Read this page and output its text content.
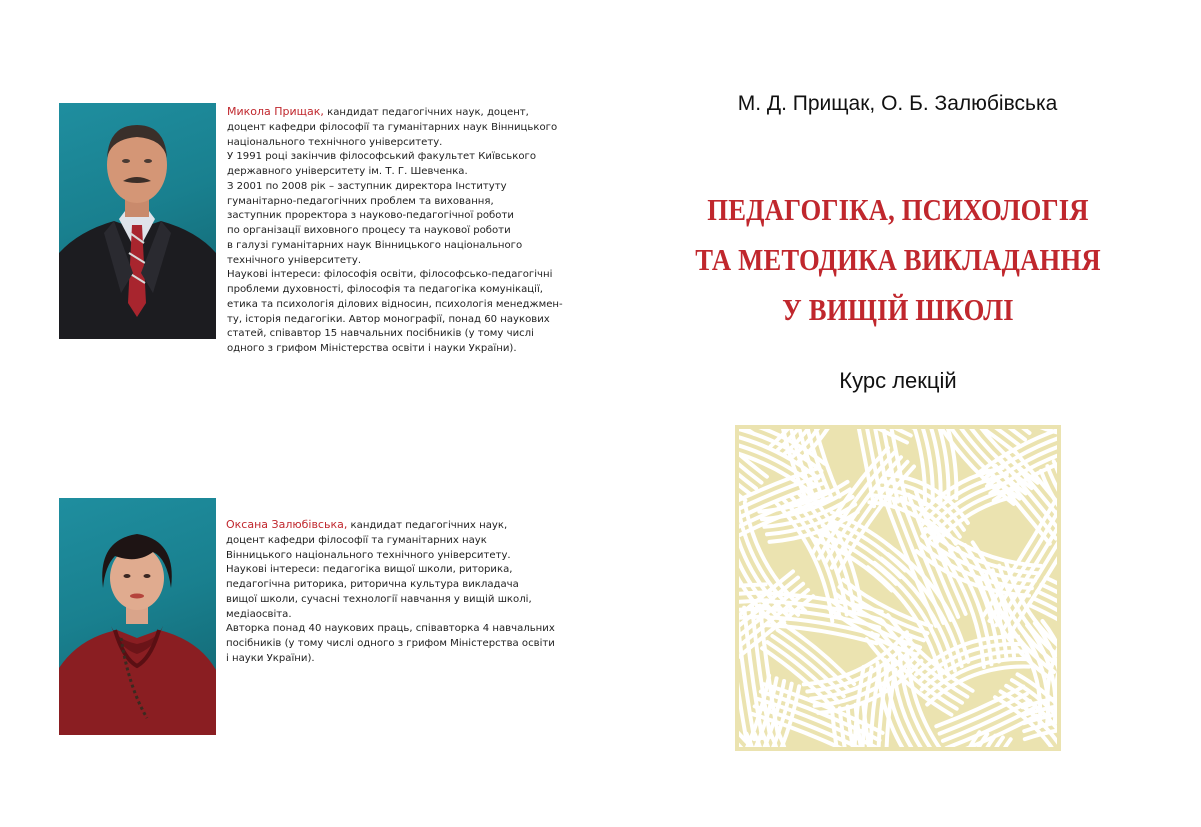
Микола Прищак, кандидат педагогічних наук, доцент,
доцент кафедри філософії та гуманітарних наук Вінницького
національного технічного університету.
У 1991 році закінчив філософський факультет Київського
державного університету ім. Т. Г. Шевченка.
З 2001 по 2008 рік – заступник директора Інституту
гуманітарно-педагогічних проблем та виховання,
заступник проректора з науково-педагогічної роботи
по організації виховного процесу та наукової роботи
в галузі гуманітарних наук Вінницького національного
технічного університету.
Наукові інтереси: філософія освіти, філософсько-педагогічні
проблеми духовності, філософія та педагогіка комунікації,
етика та психологія ділових відносин, психологія менеджмен-
ту, історія педагогіки. Автор монографії, понад 60 наукових
статей, співавтор 15 навчальних посібників (у тому числі
одного з грифом Міністерства освіти і науки України).
Оксана Залюбівська, кандидат педагогічних наук,
доцент кафедри філософії та гуманітарних наук
Вінницького національного технічного університету.
Наукові інтереси: педагогіка вищої школи, риторика,
педагогічна риторика, риторична культура викладача
вищої школи, сучасні технології навчання у вищій школі,
медіаосвіта.
Авторка понад 40 наукових праць, співавторка 4 навчальних
посібників (у тому числі одного з грифом Міністерства освіти
і науки України).
М. Д. Прищак, О. Б. Залюбівська
ПЕДАГОГІКА, ПСИХОЛОГІЯ
ТА МЕТОДИКА ВИКЛАДАННЯ
У ВИЩІЙ ШКОЛІ
Курс лекцій
